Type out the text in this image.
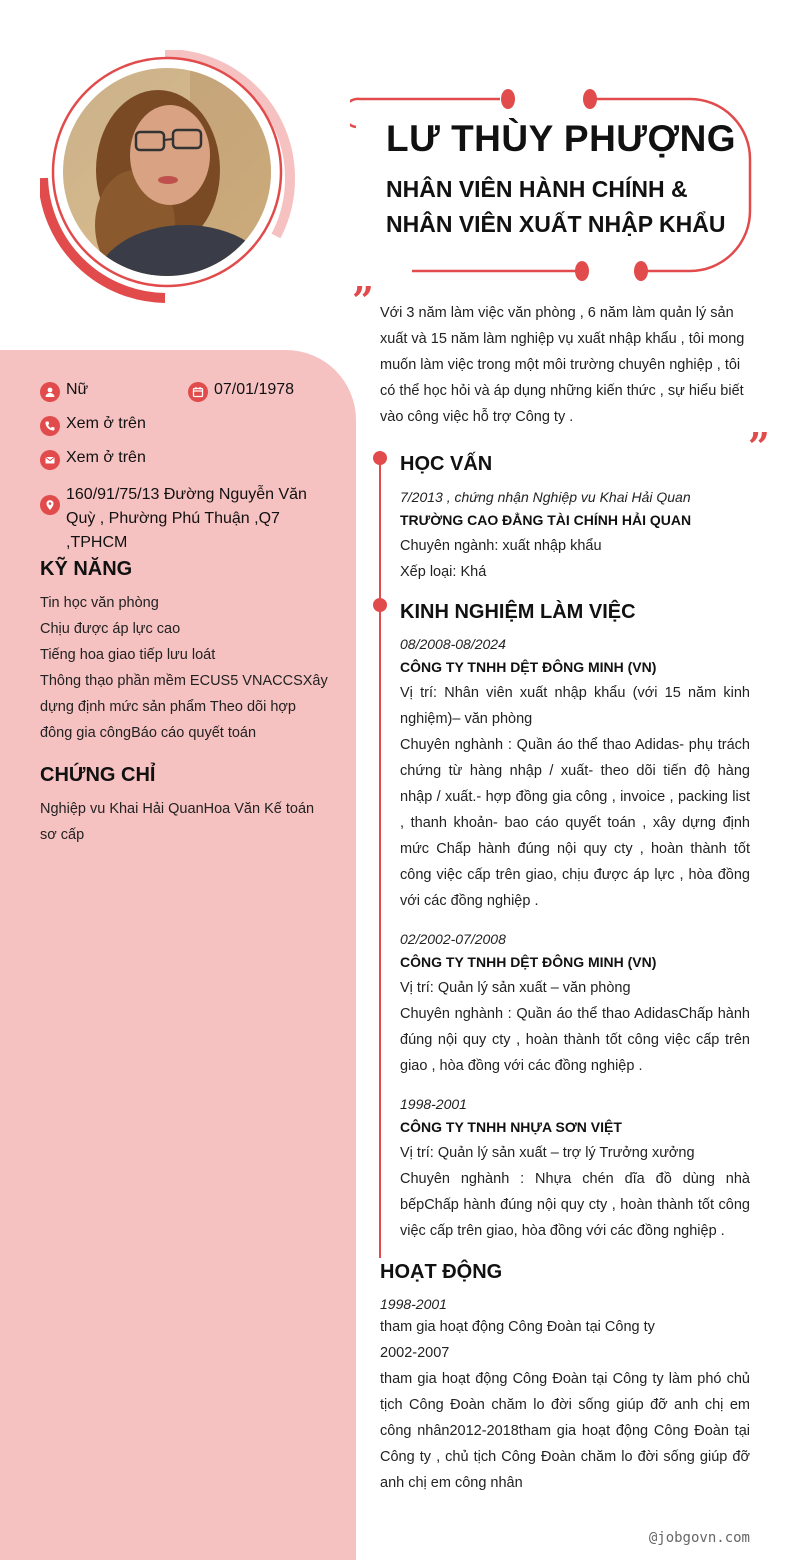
LƯ THÙY PHƯỢNG
NHÂN VIÊN HÀNH CHÍNH &
NHÂN VIÊN XUẤT NHẬP KHẨU
” Với 3 năm làm việc văn phòng , 6 năm làm quản lý sản xuất và 15 năm làm nghiệp vụ xuất nhập khẩu , tôi mong muốn làm việc trong một môi trường chuyên nghiệp , tôi có thể học hỏi và áp dụng những kiến thức , sự hiểu biết vào công việc hỗ trợ Công ty .
”
Nữ	07/01/1978
Xem ở trên
Xem ở trên
160/91/75/13 Đường Nguyễn Văn Quỳ , Phường Phú Thuận ,Q7 ,TPHCM
KỸ NĂNG
Tin học văn phòng
Chịu được áp lực cao
Tiếng hoa giao tiếp lưu loát
Thông thạo phần mềm ECUS5 VNACCSXây dựng định mức sản phẩm Theo dõi hợp đông gia côngBáo cáo quyết toán
CHỨNG CHỈ
Nghiệp vu Khai Hải QuanHoa Văn Kế toán sơ cấp
HỌC VẤN
7/2013 , chứng nhận Nghiệp vu Khai Hải Quan
TRƯỜNG CAO ĐẲNG TÀI CHÍNH HẢI QUAN
Chuyên ngành: xuất nhập khẩu
Xếp loại: Khá
KINH NGHIỆM LÀM VIỆC
08/2008-08/2024
CÔNG TY TNHH DỆT ĐÔNG MINH (VN)
Vị trí: Nhân viên xuất nhập khẩu (với 15 năm kinh nghiệm)– văn phòng
Chuyên nghành : Quần áo thể thao Adidas- phụ trách chứng từ hàng nhập / xuất- theo dõi tiến độ hàng nhập / xuất.- hợp đồng gia công , invoice , packing list , thanh khoản- bao cáo quyết toán , xây dựng định mức Chấp hành đúng nội quy cty , hoàn thành tốt công việc cấp trên giao, chịu được áp lực , hòa đồng với các đồng nghiệp .
02/2002-07/2008
CÔNG TY TNHH DỆT ĐÔNG MINH (VN)
Vị trí: Quản lý sản xuất – văn phòng
Chuyên nghành : Quần áo thể thao AdidasChấp hành đúng nội quy cty , hoàn thành tốt công việc cấp trên giao , hòa đồng với các đồng nghiệp .
1998-2001
CÔNG TY TNHH NHỰA SƠN VIỆT
Vị trí: Quản lý sản xuất – trợ lý Trưởng xưởng
Chuyên nghành : Nhựa chén dĩa đồ dùng nhà bếpChấp hành đúng nội quy cty , hoàn thành tốt công việc cấp trên giao, hòa đồng với các đồng nghiệp .
HOẠT ĐỘNG
1998-2001
tham gia hoạt động Công Đoàn tại Công ty
2002-2007
tham gia hoạt động Công Đoàn tại Công ty làm phó chủ tịch Công Đoàn chăm lo đời sống giúp đỡ anh chị em công nhân2012-2018tham gia hoạt động Công Đoàn tại Công ty , chủ tịch Công Đoàn chăm lo đời sống giúp đỡ anh chị em công nhân
@jobgovn.com
